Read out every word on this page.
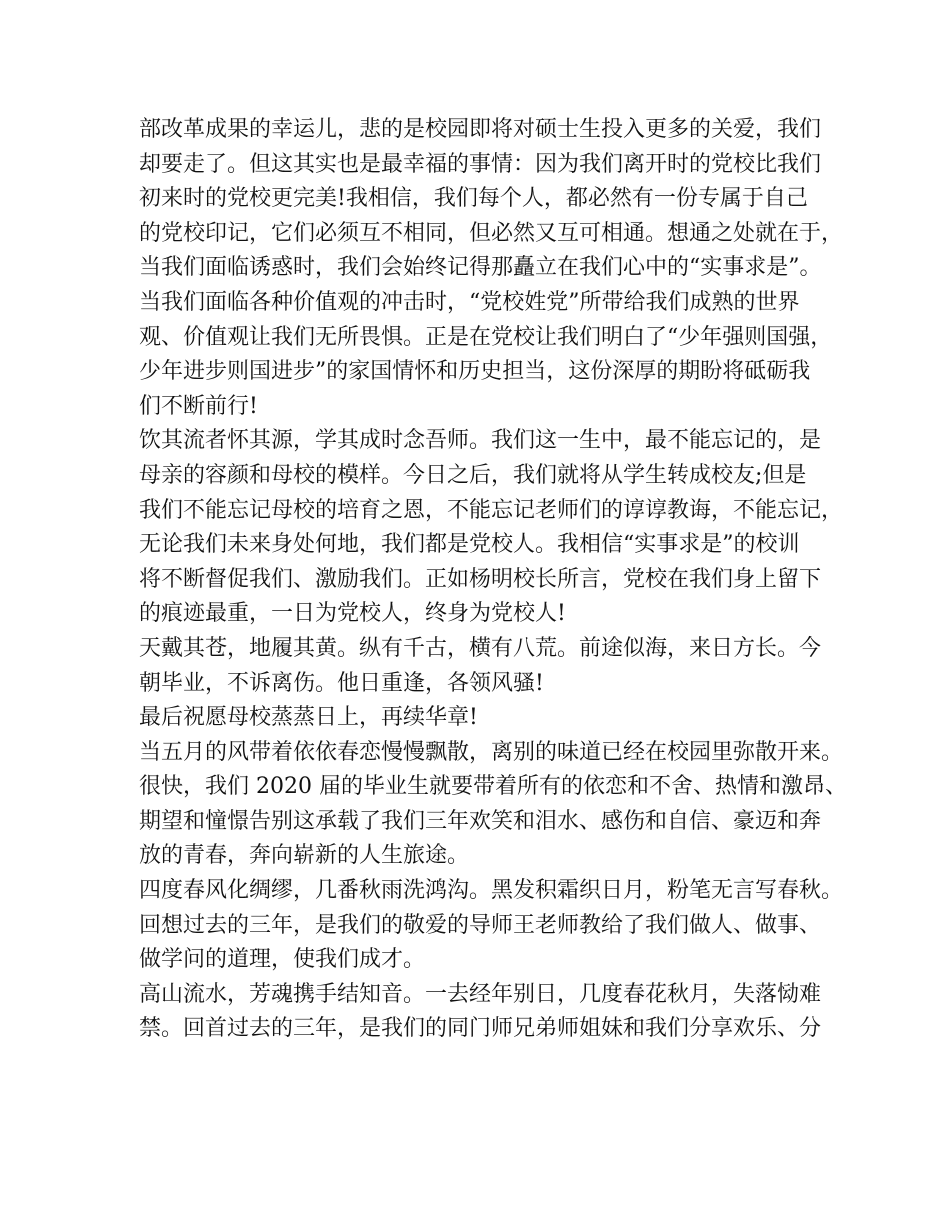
部改革成果的幸运儿，悲的是校园即将对硕士生投入更多的关爱，我们
却要走了。但这其实也是最幸福的事情：因为我们离开时的党校比我们
初来时的党校更完美!我相信，我们每个人，都必然有一份专属于自己
的党校印记，它们必须互不相同，但必然又互可相通。想通之处就在于，
当我们面临诱惑时，我们会始终记得那矗立在我们心中的“实事求是”。
当我们面临各种价值观的冲击时，“党校姓党”所带给我们成熟的世界
观、价值观让我们无所畏惧。正是在党校让我们明白了“少年强则国强，
少年进步则国进步”的家国情怀和历史担当，这份深厚的期盼将砥砺我
们不断前行!
饮其流者怀其源，学其成时念吾师。我们这一生中，最不能忘记的，是
母亲的容颜和母校的模样。今日之后，我们就将从学生转成校友;但是
我们不能忘记母校的培育之恩，不能忘记老师们的谆谆教诲，不能忘记，
无论我们未来身处何地，我们都是党校人。我相信“实事求是”的校训
将不断督促我们、激励我们。正如杨明校长所言，党校在我们身上留下
的痕迹最重，一日为党校人，终身为党校人!
天戴其苍，地履其黄。纵有千古，横有八荒。前途似海，来日方长。今
朝毕业，不诉离伤。他日重逢，各领风骚!
最后祝愿母校蒸蒸日上，再续华章!
当五月的风带着依依春恋慢慢飘散，离别的味道已经在校园里弥散开来。
很快，我们 2020 届的毕业生就要带着所有的依恋和不舍、热情和激昂、
期望和憧憬告别这承载了我们三年欢笑和泪水、感伤和自信、豪迈和奔
放的青春，奔向崭新的人生旅途。
四度春风化绸缪，几番秋雨洗鸿沟。黑发积霜织日月，粉笔无言写春秋。
回想过去的三年，是我们的敬爱的导师王老师教给了我们做人、做事、
做学问的道理，使我们成才。
高山流水，芳魂携手结知音。一去经年别日，几度春花秋月，失落恸难
禁。回首过去的三年，是我们的同门师兄弟师姐妹和我们分享欢乐、分
